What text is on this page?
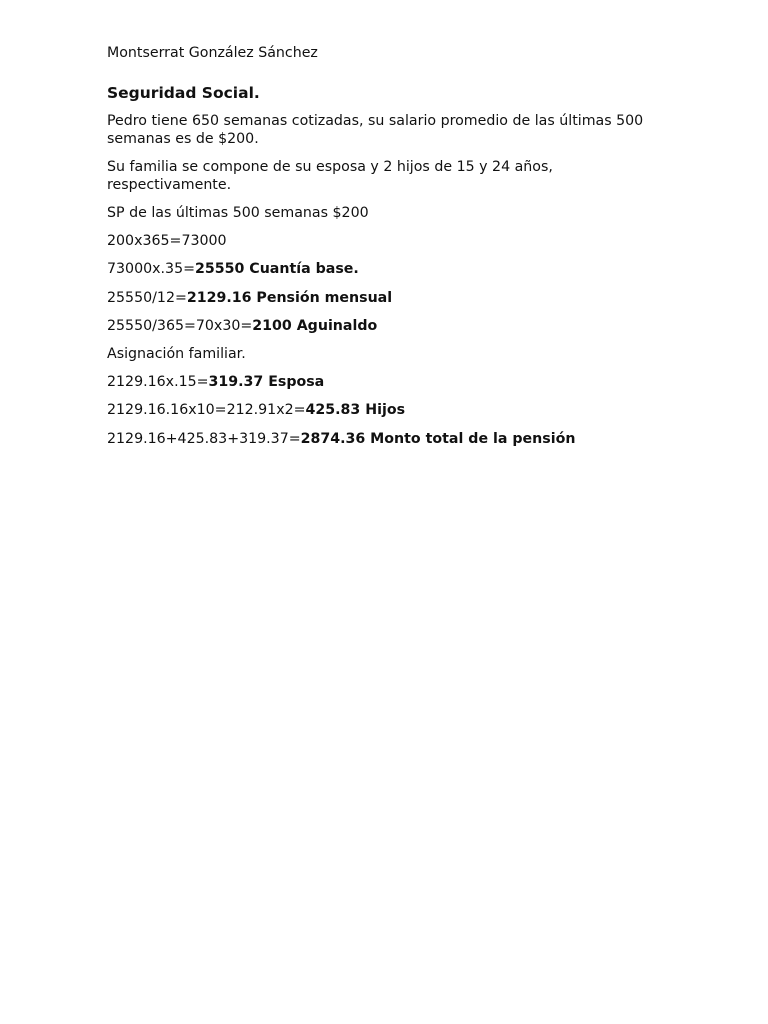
Montserrat González Sánchez

Seguridad Social.

Pedro tiene 650 semanas cotizadas, su salario promedio de las últimas 500 semanas es de $200.

Su familia se compone de su esposa y 2 hijos de 15 y 24 años, respectivamente.

SP de las últimas 500 semanas $200

200x365=73000

73000x.35=25550 Cuantía base.

25550/12=2129.16 Pensión mensual

25550/365=70x30=2100 Aguinaldo

Asignación familiar.

2129.16x.15=319.37 Esposa

2129.16.16x10=212.91x2=425.83 Hijos

2129.16+425.83+319.37=2874.36 Monto total de la pensión
